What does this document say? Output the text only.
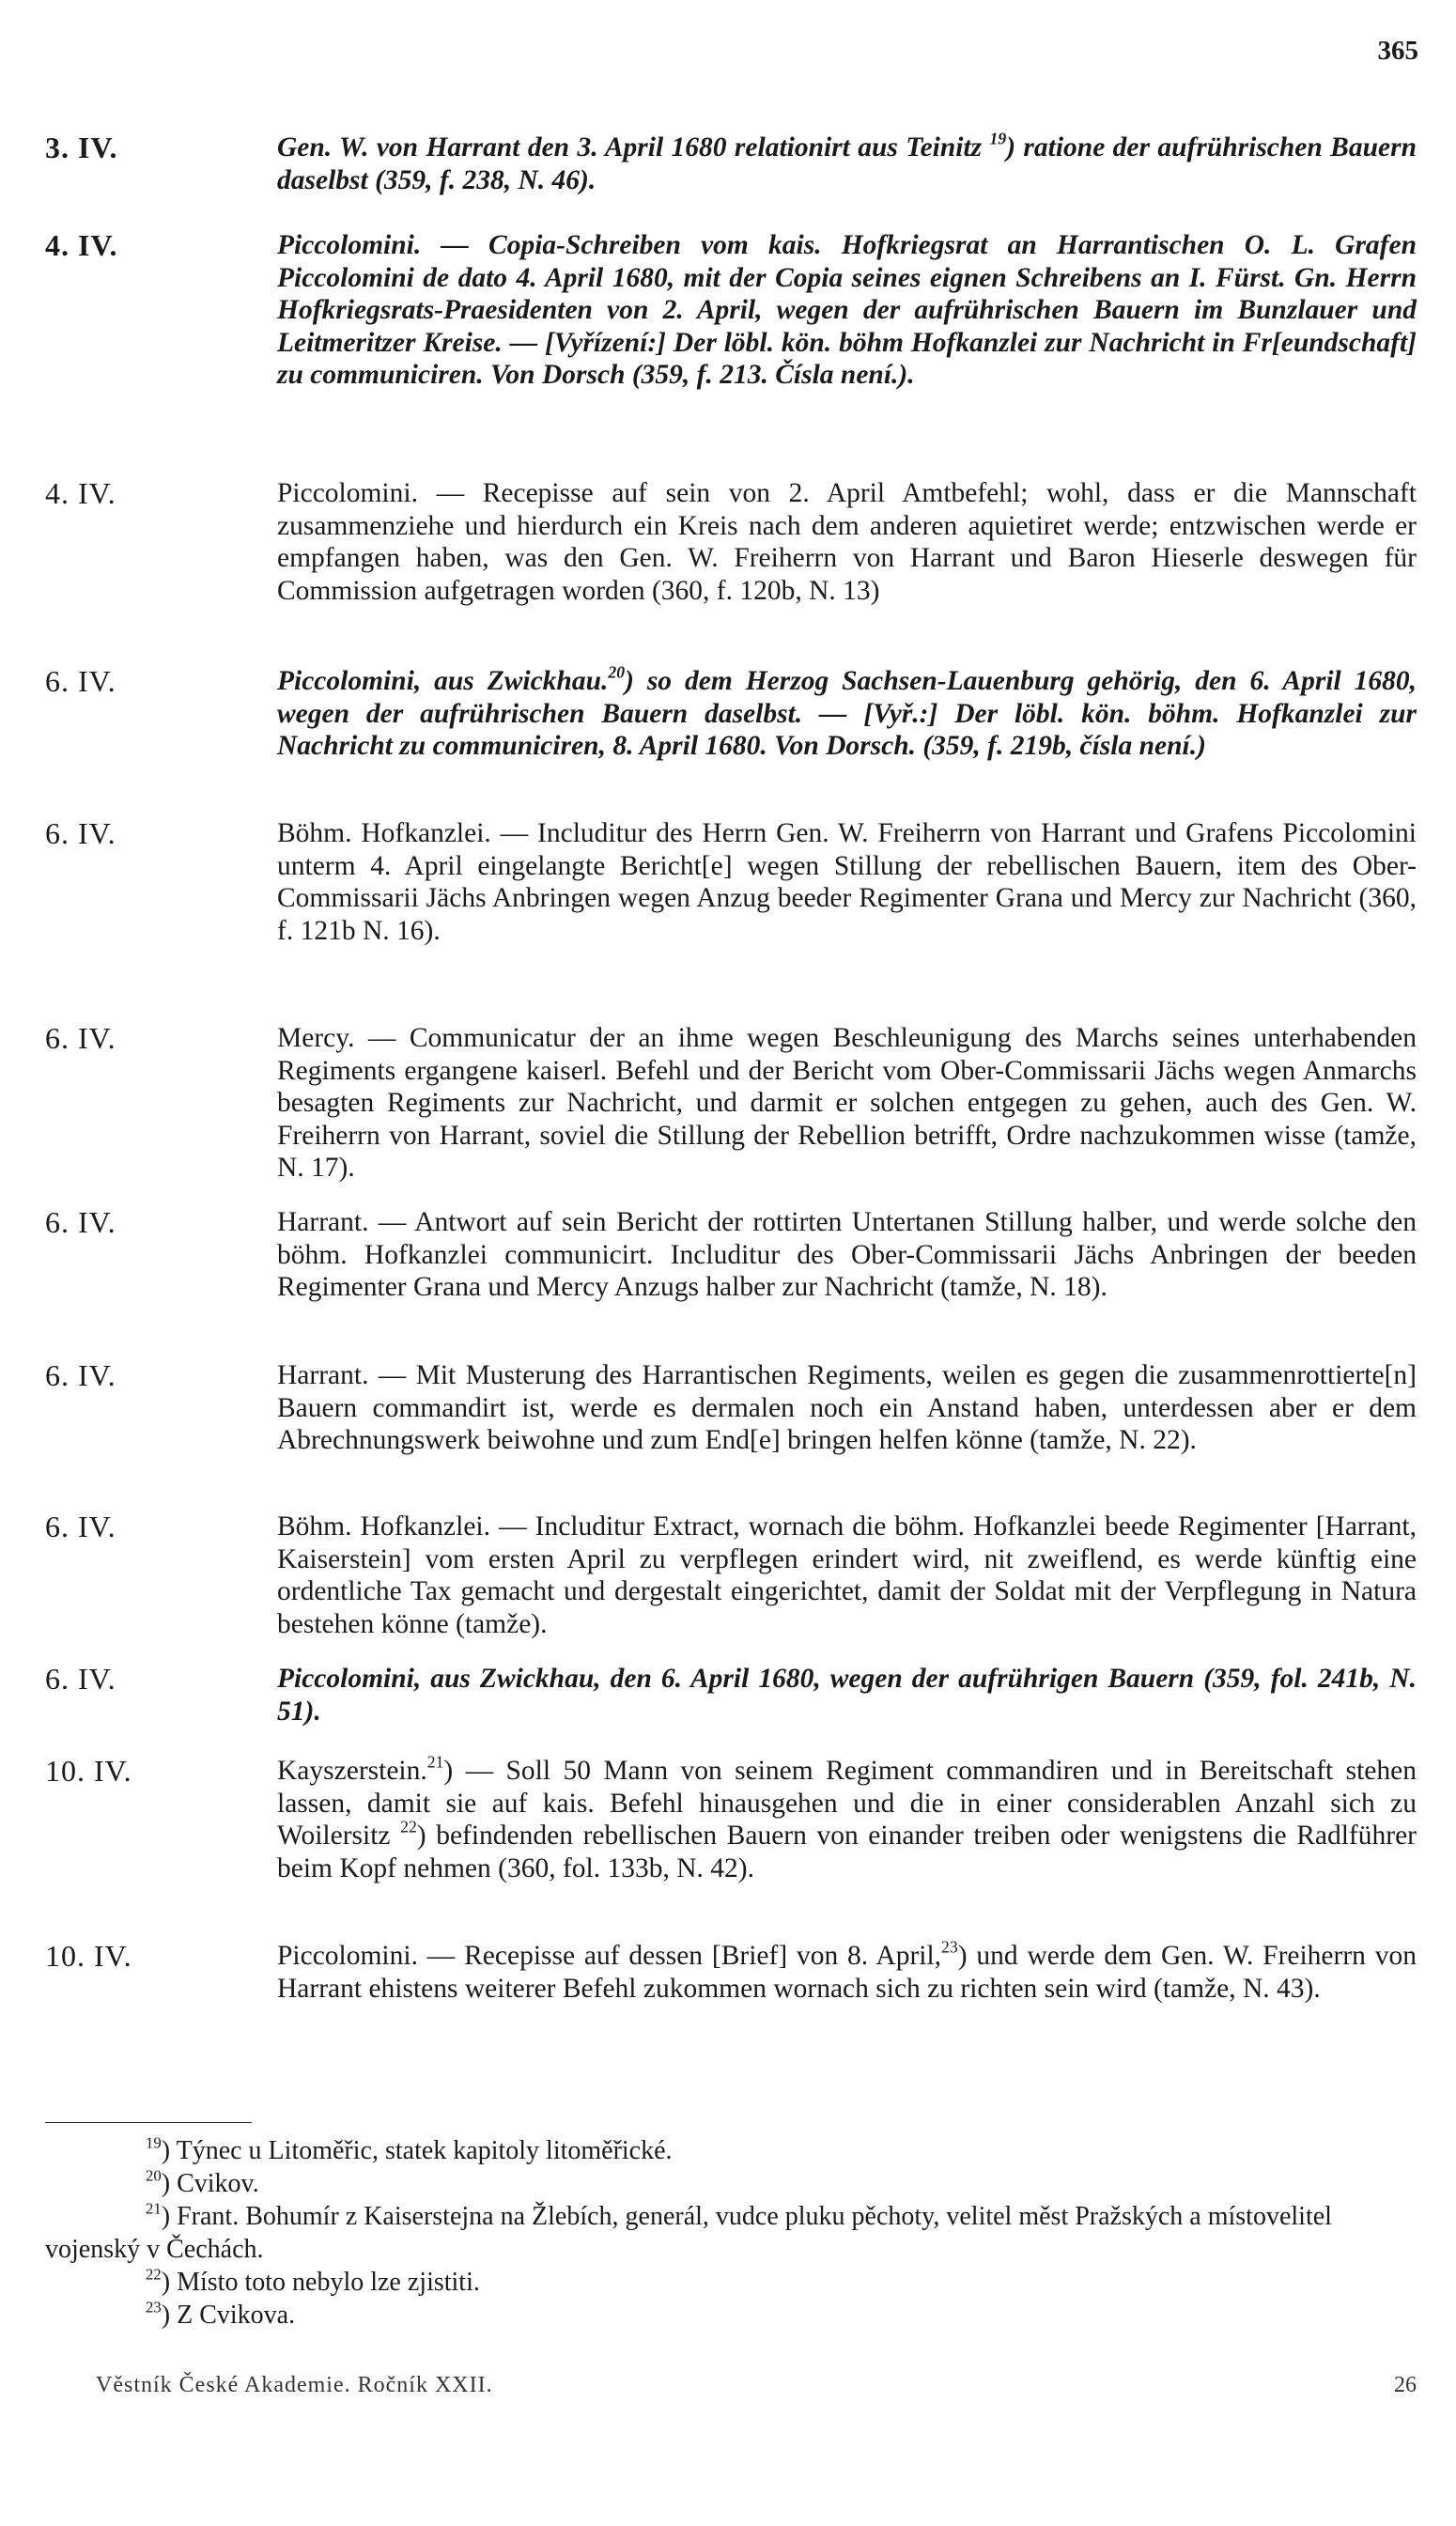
365
3. IV.	Gen. W. von Harrant den 3. April 1680 relationirt aus Teinitz $^{19}$) ratione der aufrührischen Bauern daselbst (359, f. 238, N. 46).
4. IV.	Piccolomini. — Copia-Schreiben vom kais. Hofkriegsrat an Harrantischen O. L. Grafen Piccolomini de dato 4. April 1680, mit der Copia seines eignen Schreibens an I. Fürst. Gn. Herrn Hofkriegsrats-Praesidenten von 2. April, wegen der aufrührischen Bauern im Bunzlauer und Leitmeritzer Kreise. — [Vyřízení:] Der löbl. kön. böhm Hofkanzlei zur Nachricht in Fr[eundschaft] zu communiciren. Von Dorsch (359, f. 213. Čísla není.).
4. IV.	Piccolomini. — Recepisse auf sein von 2. April Amtbefehl; wohl, dass er die Mannschaft zusammenziehe und hierdurch ein Kreis nach dem anderen aquietiret werde; entzwischen werde er empfangen haben, was den Gen. W. Freiherrn von Harrant und Baron Hieserle deswegen für Commission aufgetragen worden (360, f. 120b, N. 13)
6. IV.	Piccolomini, aus Zwickhau.$^{20}$) so dem Herzog Sachsen-Lauenburg gehörig, den 6. April 1680, wegen der aufrührischen Bauern daselbst. — [Vyř.:] Der löbl. kön. böhm. Hofkanzlei zur Nachricht zu communiciren, 8. April 1680. Von Dorsch. (359, f. 219b, čísla není.)
6. IV.	Böhm. Hofkanzlei. — Includitur des Herrn Gen. W. Freiherrn von Harrant und Grafens Piccolomini unterm 4. April eingelangte Bericht[e] wegen Stillung der rebellischen Bauern, item des Ober-Commissarii Jächs Anbringen wegen Anzug beeder Regimenter Grana und Mercy zur Nachricht (360, f. 121b N. 16).
6. IV.	Mercy. — Communicatur der an ihme wegen Beschleunigung des Marchs seines unterhabenden Regiments ergangene kaiserl. Befehl und der Bericht vom Ober-Commissarii Jächs wegen Anmarchs besagten Regiments zur Nachricht, und darmit er solchen entgegen zu gehen, auch des Gen. W. Freiherrn von Harrant, soviel die Stillung der Rebellion betrifft, Ordre nachzukommen wisse (tamže, N. 17).
6. IV.	Harrant. — Antwort auf sein Bericht der rottirten Untertanen Stillung halber, und werde solche den böhm. Hofkanzlei communicirt. Includitur des Ober-Commissarii Jächs Anbringen der beeden Regimenter Grana und Mercy Anzugs halber zur Nachricht (tamže, N. 18).
6. IV.	Harrant. — Mit Musterung des Harrantischen Regiments, weilen es gegen die zusammenrottierte[n] Bauern commandirt ist, werde es dermalen noch ein Anstand haben, unterdessen aber er dem Abrechnungswerk beiwohne und zum End[e] bringen helfen könne (tamže, N. 22).
6. IV.	Böhm. Hofkanzlei. — Includitur Extract, wornach die böhm. Hofkanzlei beede Regimenter [Harrant, Kaiserstein] vom ersten April zu verpflegen erindert wird, nit zweiflend, es werde künftig eine ordentliche Tax gemacht und dergestalt eingerichtet, damit der Soldat mit der Verpflegung in Natura bestehen könne (tamže).
6. IV.	Piccolomini, aus Zwickhau, den 6. April 1680, wegen der aufrührigen Bauern (359, fol. 241b, N. 51).
10. IV.	Kayszerstein.$^{21}$) — Soll 50 Mann von seinem Regiment commandiren und in Bereitschaft stehen lassen, damit sie auf kais. Befehl hinausgehen und die in einer considerablen Anzahl sich zu Woilersitz $^{22}$) befindenden rebellischen Bauern von einander treiben oder wenigstens die Radlführer beim Kopf nehmen (360, fol. 133b, N. 42).
10. IV.	Piccolomini. — Recepisse auf dessen [Brief] von 8. April,$^{23}$) und werde dem Gen. W. Freiherrn von Harrant ehistens weiterer Befehl zukommen wornach sich zu richten sein wird (tamže, N. 43).
$^{19}$) Týnec u Litoměřic, statek kapitoly litoměřické.
$^{20}$) Cvikov.
$^{21}$) Frant. Bohumír z Kaiserstejna na Žlebích, generál, vudce pluku pěchoty, velitel měst Pražských a místovelitel vojenský v Čechách.
$^{22}$) Místo toto nebylo lze zjistiti.
$^{23}$) Z Cvikova.
Věstník České Akademie. Ročník XXII.	26
